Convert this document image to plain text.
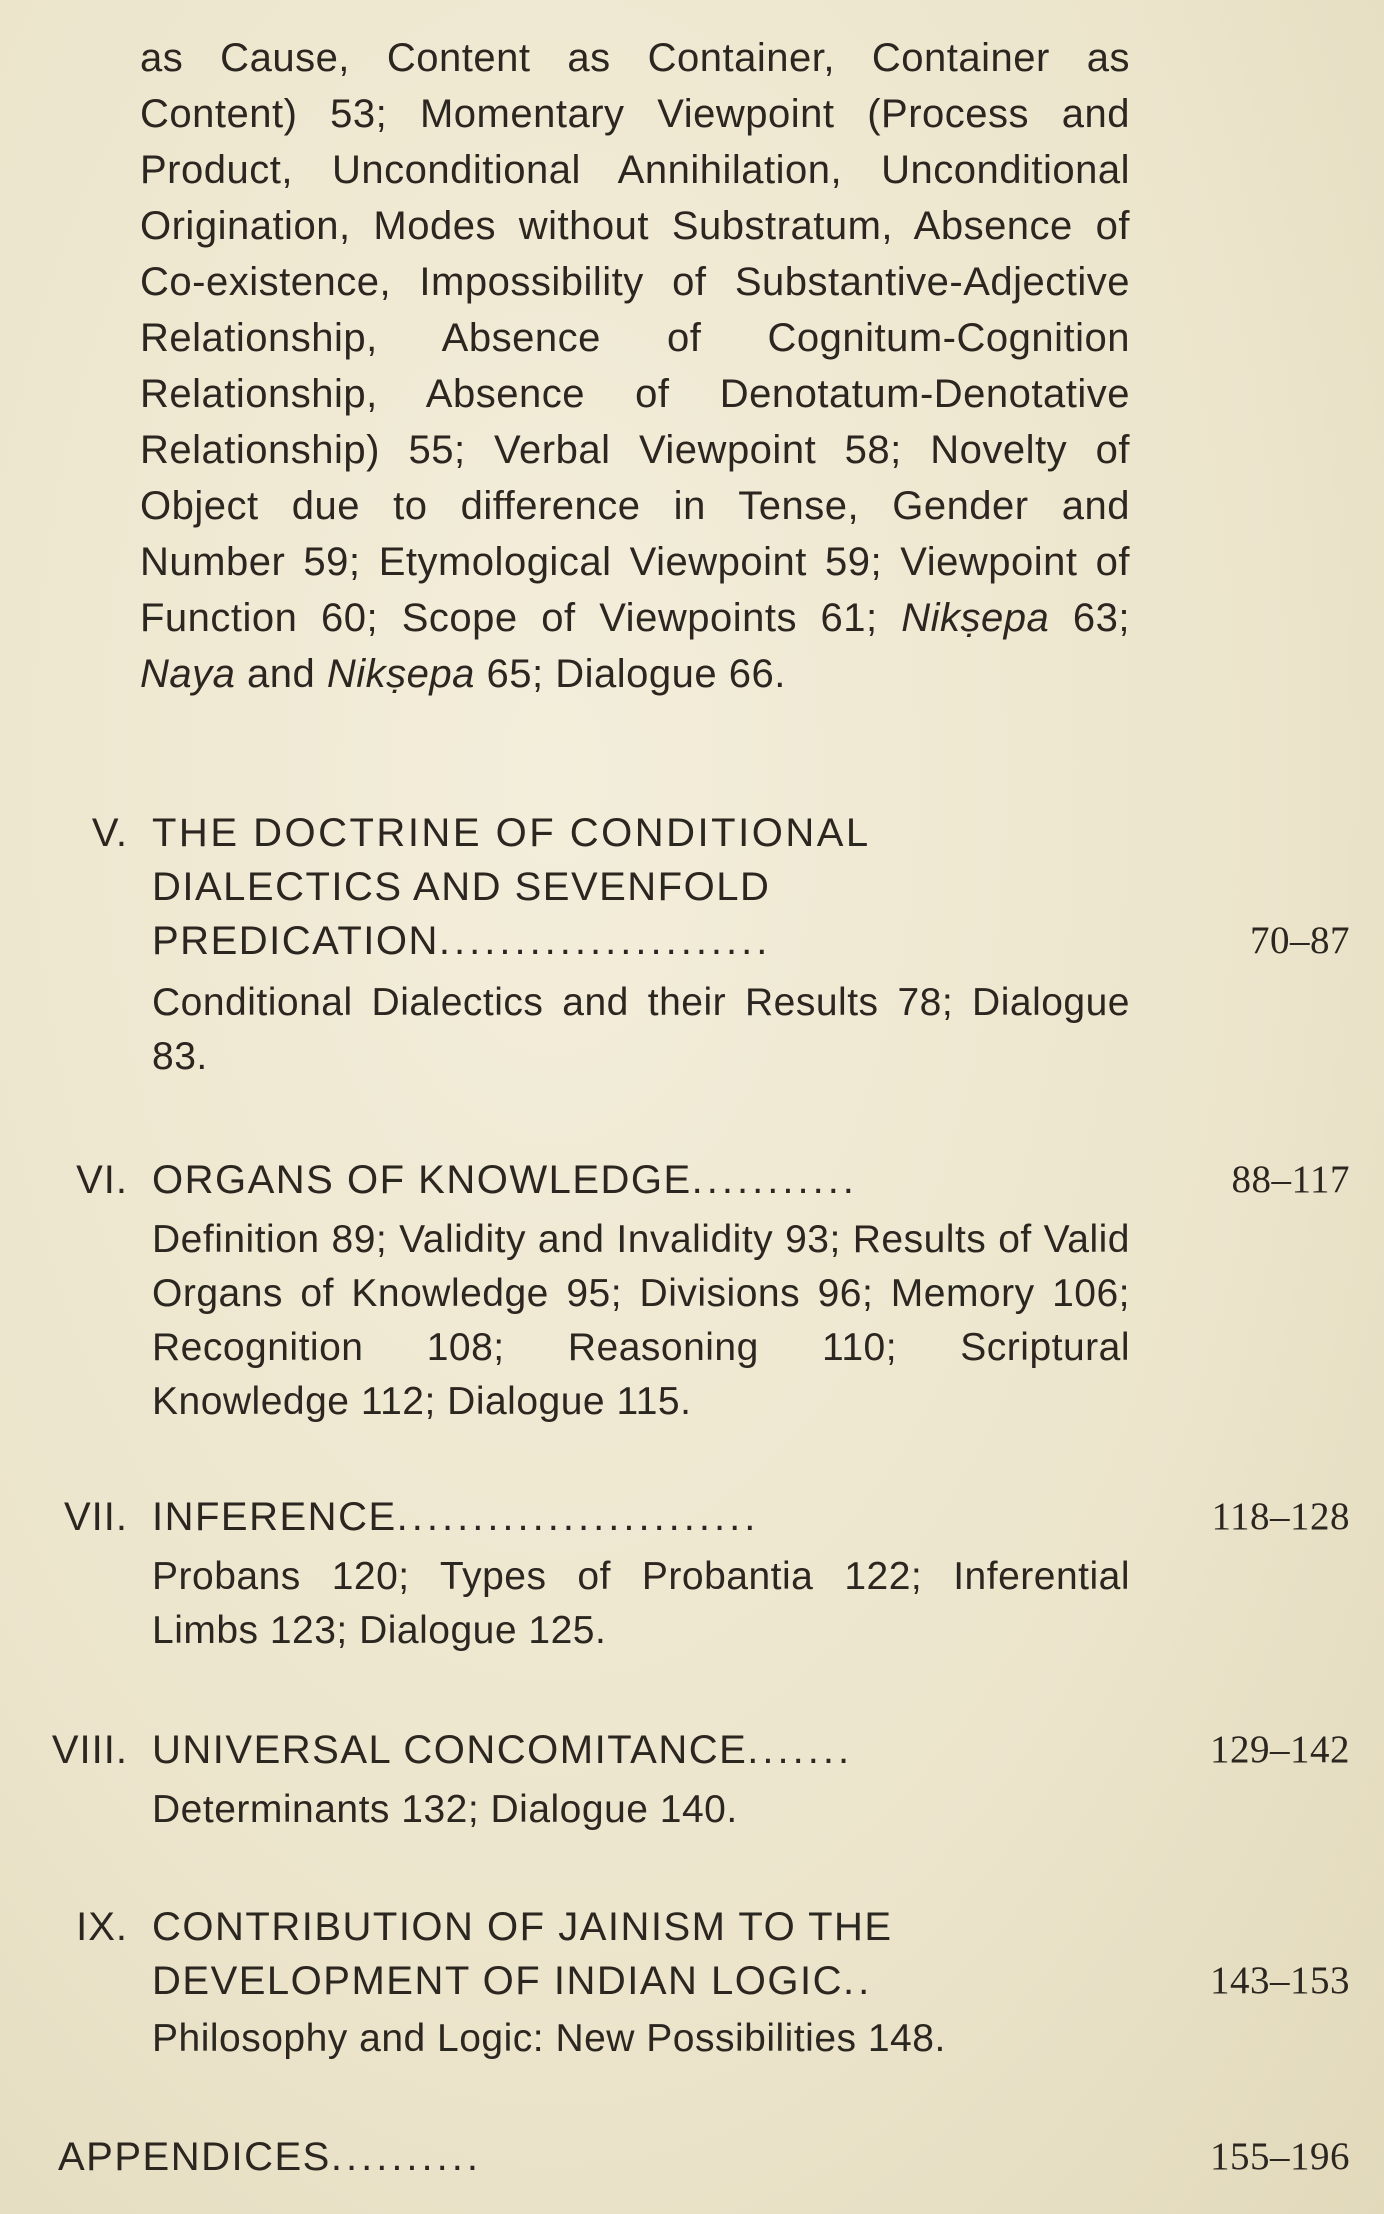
as Cause, Content as Container, Container as Content) 53; Momentary Viewpoint (Process and Product, Unconditional Annihilation, Unconditional Origination, Modes without Substratum, Absence of Co-existence, Impossibility of Substantive-Adjective Relationship, Absence of Cognitum-Cognition Relationship, Absence of Denotatum-Denotative Relationship) 55; Verbal Viewpoint 58; Novelty of Object due to difference in Tense, Gender and Number 59; Etymological Viewpoint 59; Viewpoint of Function 60; Scope of Viewpoints 61; Nikṣepa 63; Naya and Nikṣepa 65; Dialogue 66.
V. THE DOCTRINE OF CONDITIONAL
DIALECTICS AND SEVENFOLD
PREDICATION......................	70–87
Conditional Dialectics and their Results 78; Dialogue 83.
VI. ORGANS OF KNOWLEDGE...........	88–117
Definition 89; Validity and Invalidity 93; Results of Valid Organs of Knowledge 95; Divisions 96; Memory 106; Recognition 108; Reasoning 110; Scriptural Knowledge 112; Dialogue 115.
VII. INFERENCE........................	118–128
Probans 120; Types of Probantia 122; Inferential Limbs 123; Dialogue 125.
VIII. UNIVERSAL CONCOMITANCE.......	129–142
Determinants 132; Dialogue 140.
IX. CONTRIBUTION OF JAINISM TO THE
DEVELOPMENT OF INDIAN LOGIC..	143–153
Philosophy and Logic: New Possibilities 148.
APPENDICES..........	155–196
